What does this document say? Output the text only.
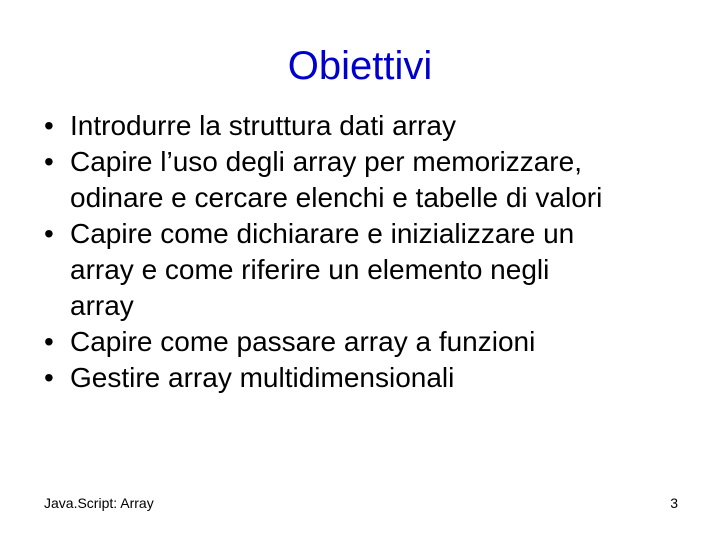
Obiettivi
• Introdurre la struttura dati array
• Capire l’uso degli array per memorizzare,
odinare e cercare elenchi e tabelle di valori
• Capire come dichiarare e inizializzare un
array e come riferire un elemento negli
array
• Capire come passare array a funzioni
• Gestire array multidimensionali
Java.Script: Array	3
